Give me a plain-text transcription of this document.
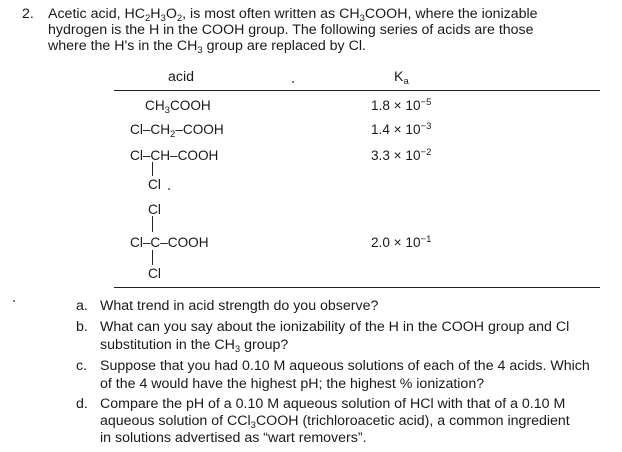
2. Acetic acid, $HC_2H_3O_2$, is most often written as $CH_3COOH$, where the ionizable
hydrogen is the H in the COOH group. The following series of acids are those
where the H's in the $CH_3$ group are replaced by Cl.
acid	$K_a$
$CH_3COOH$	$1.8 \times 10^{-5}$
$Cl-CH_2$–COOH	$1.4 \times 10^{-3}$
Cl–CH–COOH	$3.3 \times 10^{-2}$
Cl
Cl
Cl–C–COOH	$2.0 \times 10^{-1}$
Cl
a. What trend in acid strength do you observe?
b. What can you say about the ionizability of the H in the COOH group and Cl
substitution in the $CH_3$ group?
c. Suppose that you had 0.10 M aqueous solutions of each of the 4 acids. Which
of the 4 would have the highest pH; the highest % ionization?
d. Compare the pH of a 0.10 M aqueous solution of HCl with that of a 0.10 M
aqueous solution of CCl$_3$COOH (trichloroacetic acid), a common ingredient
in solutions advertised as “wart removers”.
